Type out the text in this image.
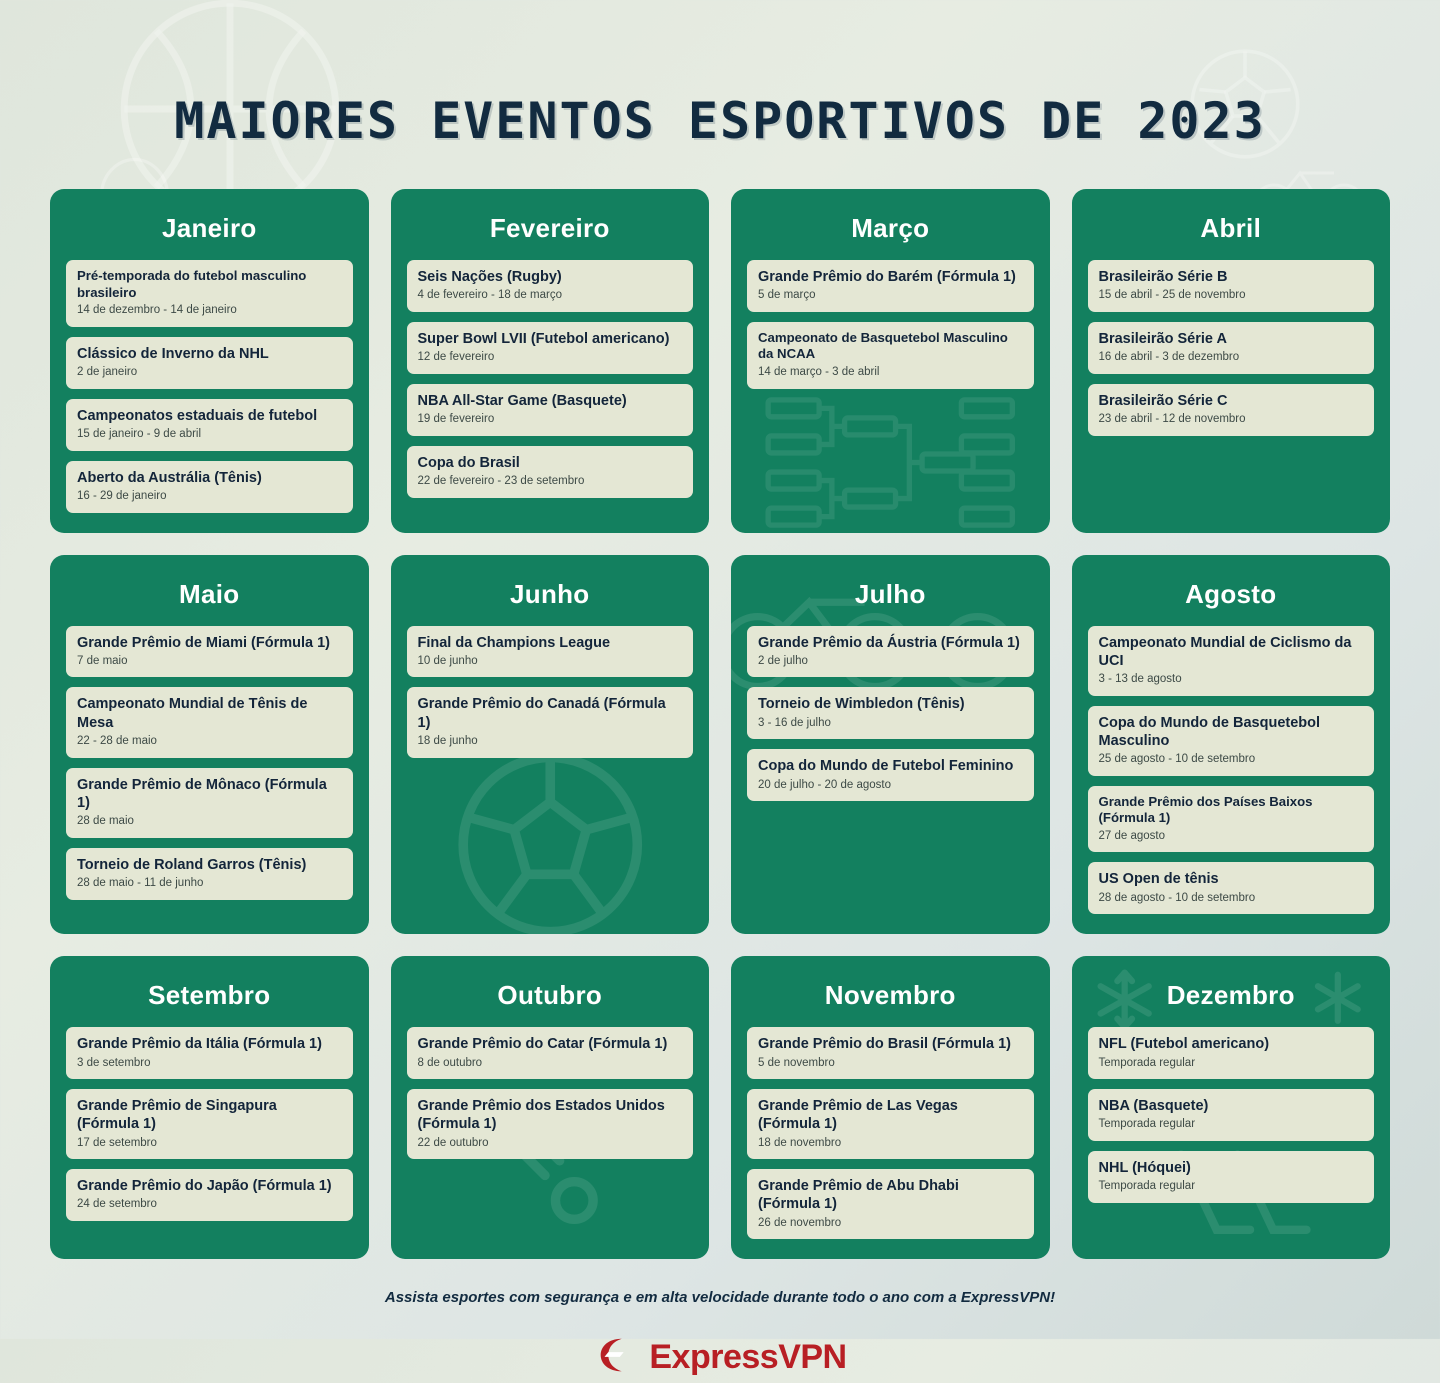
MAIORES EVENTOS ESPORTIVOS DE 2023
Janeiro
Pré-temporada do futebol masculino brasileiro
14 de dezembro - 14 de janeiro
Clássico de Inverno da NHL
2 de janeiro
Campeonatos estaduais de futebol
15 de janeiro - 9 de abril
Aberto da Austrália (Tênis)
16 - 29 de janeiro
Fevereiro
Seis Nações (Rugby)
4 de fevereiro - 18 de março
Super Bowl LVII (Futebol americano)
12 de fevereiro
NBA All-Star Game (Basquete)
19 de fevereiro
Copa do Brasil
22 de fevereiro - 23 de setembro
Março
Grande Prêmio do Barém (Fórmula 1)
5 de março
Campeonato de Basquetebol Masculino da NCAA
14 de março - 3 de abril
Abril
Brasileirão Série B
15 de abril - 25 de novembro
Brasileirão Série A
16 de abril - 3 de dezembro
Brasileirão Série C
23 de abril - 12 de novembro
Maio
Grande Prêmio de Miami (Fórmula 1)
7 de maio
Campeonato Mundial de Tênis de Mesa
22 - 28 de maio
Grande Prêmio de Mônaco (Fórmula 1)
28 de maio
Torneio de Roland Garros (Tênis)
28 de maio - 11 de junho
Junho
Final da Champions League
10 de junho
Grande Prêmio do Canadá (Fórmula 1)
18 de junho
Julho
Grande Prêmio da Áustria (Fórmula 1)
2 de julho
Torneio de Wimbledon (Tênis)
3 - 16 de julho
Copa do Mundo de Futebol Feminino
20 de julho - 20 de agosto
Agosto
Campeonato Mundial de Ciclismo da UCI
3 - 13 de agosto
Copa do Mundo de Basquetebol Masculino
25 de agosto - 10 de setembro
Grande Prêmio dos Países Baixos (Fórmula 1)
27 de agosto
US Open de tênis
28 de agosto - 10 de setembro
Setembro
Grande Prêmio da Itália (Fórmula 1)
3 de setembro
Grande Prêmio de Singapura (Fórmula 1)
17 de setembro
Grande Prêmio do Japão (Fórmula 1)
24 de setembro
Outubro
Grande Prêmio do Catar (Fórmula 1)
8 de outubro
Grande Prêmio dos Estados Unidos (Fórmula 1)
22 de outubro
Novembro
Grande Prêmio do Brasil (Fórmula 1)
5 de novembro
Grande Prêmio de Las Vegas (Fórmula 1)
18 de novembro
Grande Prêmio de Abu Dhabi (Fórmula 1)
26 de novembro
Dezembro
NFL (Futebol americano)
Temporada regular
NBA (Basquete)
Temporada regular
NHL (Hóquei)
Temporada regular
Assista esportes com segurança e em alta velocidade durante todo o ano com a ExpressVPN!
ExpressVPN
